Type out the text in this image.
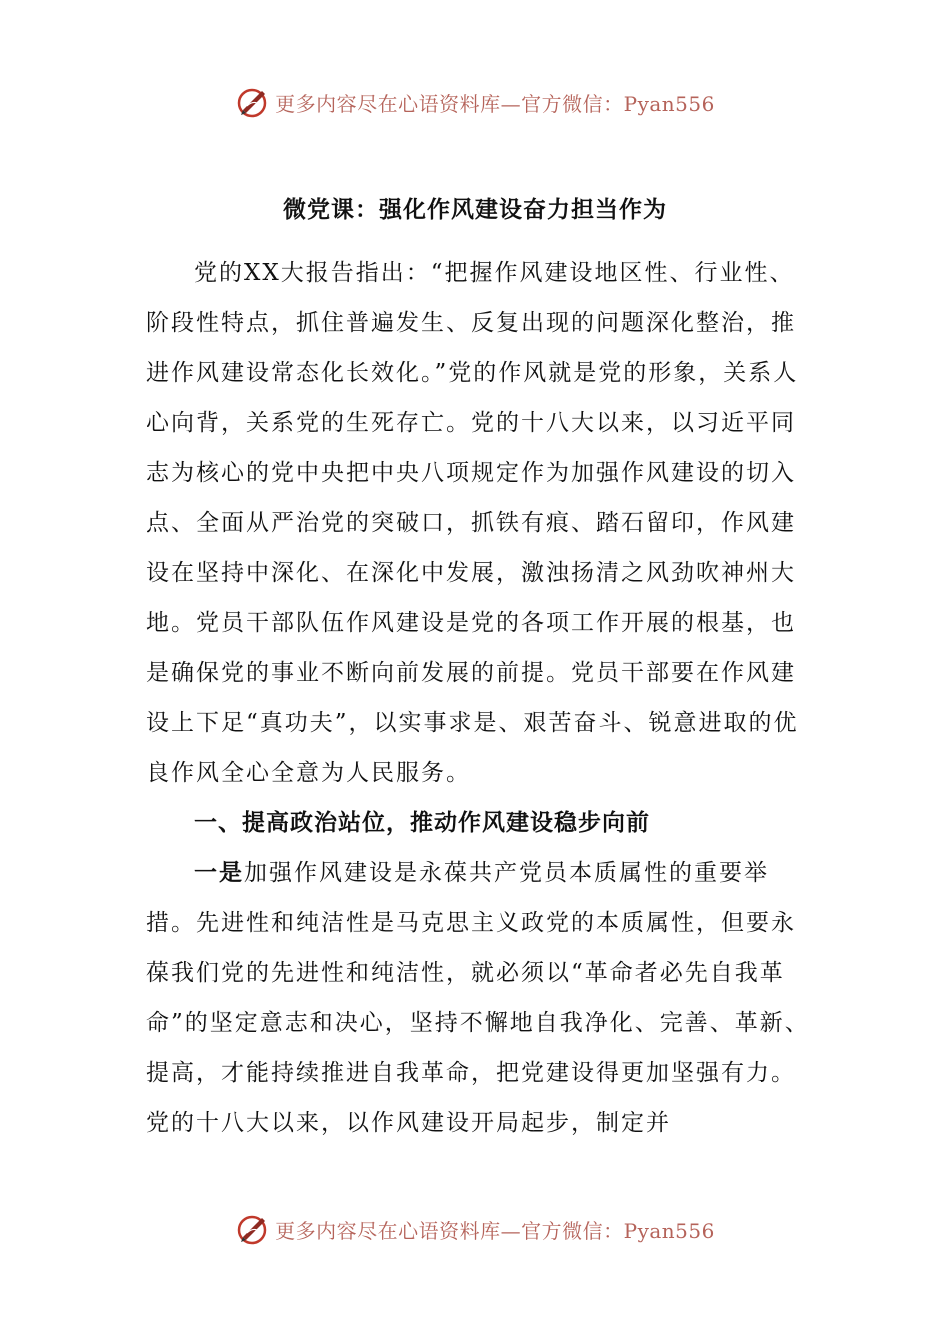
更多内容尽在心语资料库—官方微信：Pyan556
微党课：强化作风建设奋力担当作为

党的XX大报告指出：“把握作风建设地区性、行业性、阶段性特点，抓住普遍发生、反复出现的问题深化整治，推进作风建设常态化长效化。”党的作风就是党的形象，关系人心向背，关系党的生死存亡。党的十八大以来，以习近平同志为核心的党中央把中央八项规定作为加强作风建设的切入点、全面从严治党的突破口，抓铁有痕、踏石留印，作风建设在坚持中深化、在深化中发展，激浊扬清之风劲吹神州大地。党员干部队伍作风建设是党的各项工作开展的根基，也是确保党的事业不断向前发展的前提。党员干部要在作风建设上下足“真功夫”，以实事求是、艰苦奋斗、锐意进取的优良作风全心全意为人民服务。

一、提高政治站位，推动作风建设稳步向前

一是加强作风建设是永葆共产党员本质属性的重要举措。先进性和纯洁性是马克思主义政党的本质属性，但要永葆我们党的先进性和纯洁性，就必须以“革命者必先自我革命”的坚定意志和决心，坚持不懈地自我净化、完善、革新、提高，才能持续推进自我革命，把党建设得更加坚强有力。党的十八大以来，以作风建设开局起步，制定并

更多内容尽在心语资料库—官方微信：Pyan556
